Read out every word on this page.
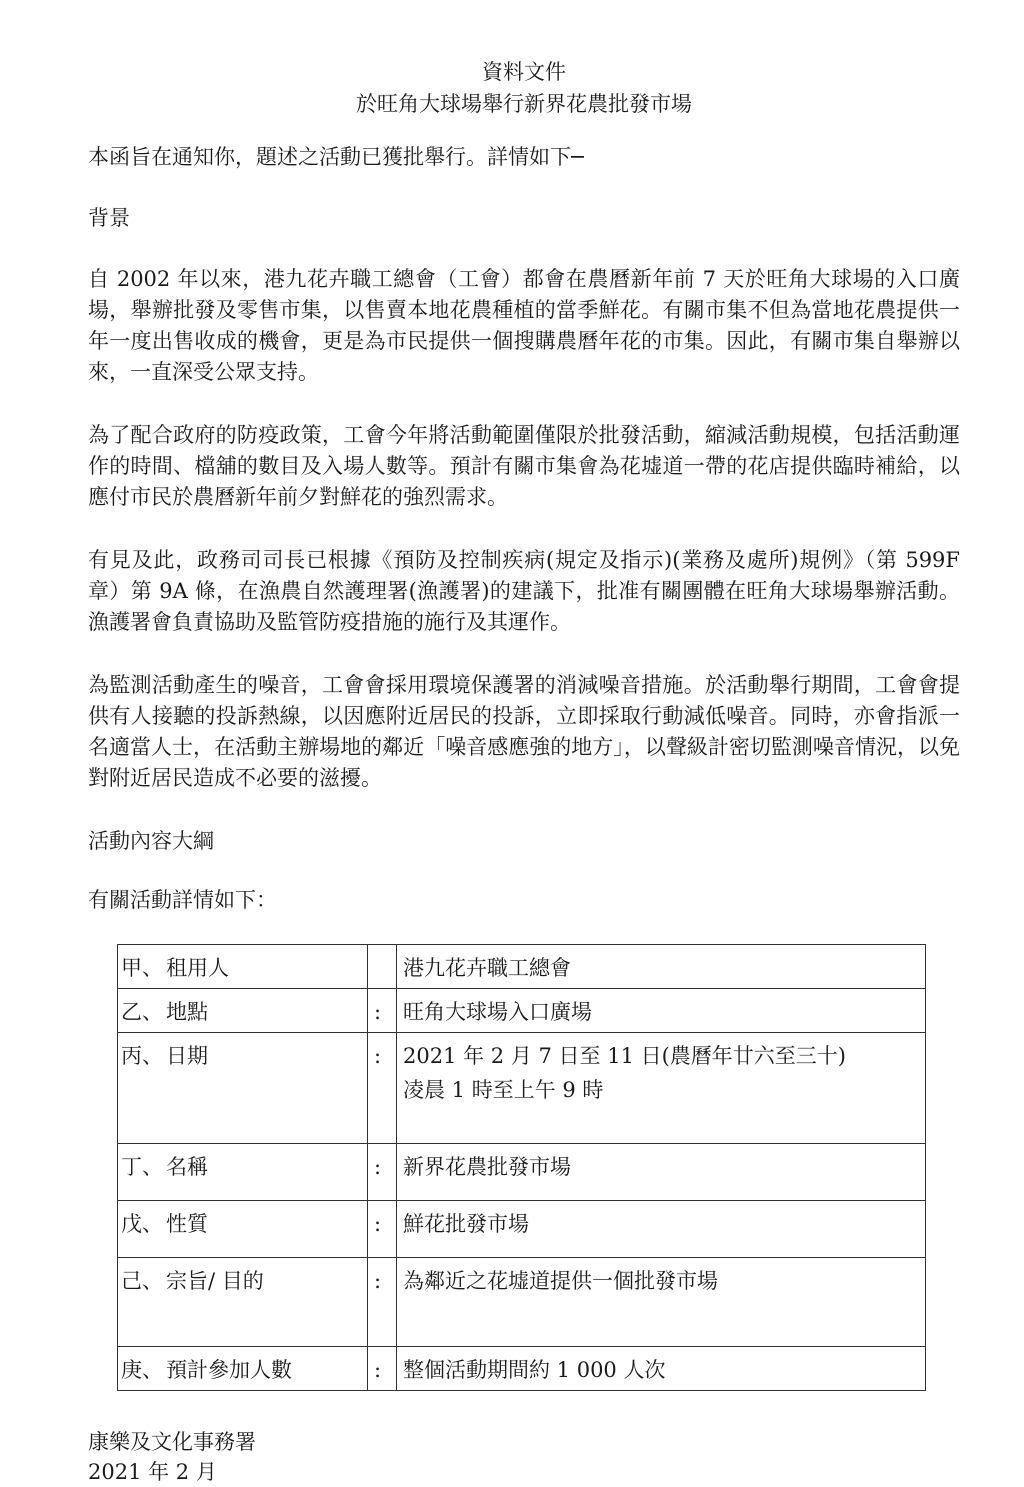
資料文件

於旺角大球場舉行新界花農批發市場

本函旨在通知你，題述之活動已獲批舉行。詳情如下─

背景

自 2002 年以來，港九花卉職工總會（工會）都會在農曆新年前 7 天於旺角大球場的入口廣場，舉辦批發及零售市集，以售賣本地花農種植的當季鮮花。有關市集不但為當地花農提供一年一度出售收成的機會，更是為市民提供一個搜購農曆年花的市集。因此，有關市集自舉辦以來，一直深受公眾支持。

為了配合政府的防疫政策，工會今年將活動範圍僅限於批發活動，縮減活動規模，包括活動運作的時間、檔舖的數目及入場人數等。預計有關市集會為花墟道一帶的花店提供臨時補給，以應付市民於農曆新年前夕對鮮花的強烈需求。

有見及此，政務司司長已根據《預防及控制疾病(規定及指示)(業務及處所)規例》（第 599F 章）第 9A 條，在漁農自然護理署(漁護署)的建議下，批准有關團體在旺角大球場舉辦活動。漁護署會負責協助及監管防疫措施的施行及其運作。

為監測活動產生的噪音，工會會採用環境保護署的消減噪音措施。於活動舉行期間，工會會提供有人接聽的投訴熱線，以因應附近居民的投訴，立即採取行動減低噪音。同時，亦會指派一名適當人士，在活動主辦場地的鄰近「噪音感應強的地方」，以聲級計密切監測噪音情況，以免對附近居民造成不必要的滋擾。

活動內容大綱

有關活動詳情如下：

甲、	租用人		港九花卉職工總會
乙、	地點	:	旺角大球場入口廣場
丙、	日期	:	2021 年 2 月 7 日至 11 日(農曆年廿六至三十)
凌晨 1 時至上午 9 時

丁、	名稱	:	新界花農批發市場
戊、	性質	:	鮮花批發市場
己、	宗旨/ 目的	:	為鄰近之花墟道提供一個批發市場
庚、	預計參加人數	:	整個活動期間約 1 000 人次

康樂及文化事務署

2021 年 2 月
